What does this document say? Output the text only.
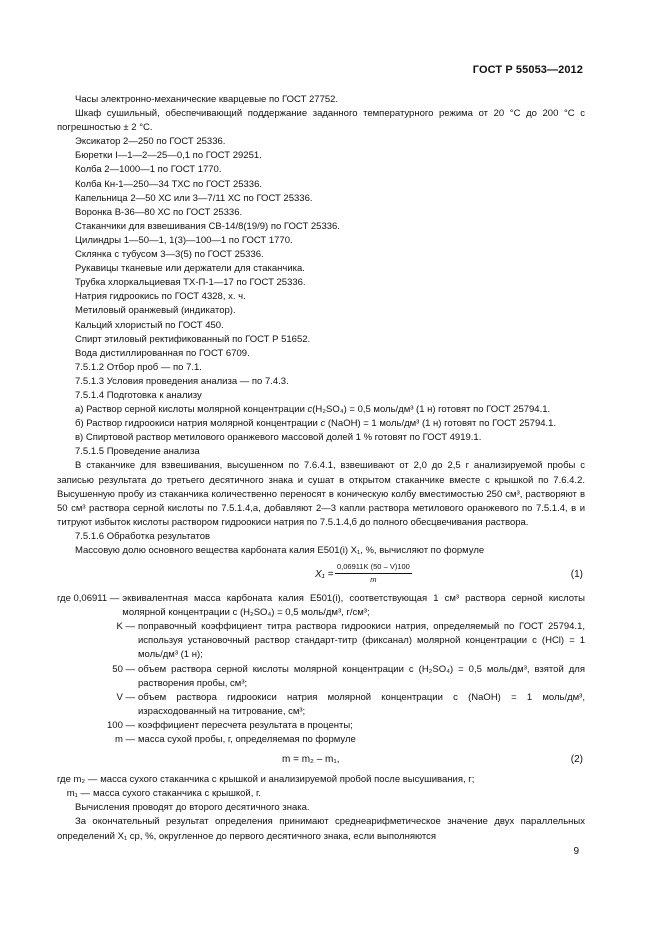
ГОСТ Р 55053—2012

Часы электронно-механические кварцевые по ГОСТ 27752.

Шкаф сушильный, обеспечивающий поддержание заданного температурного режима от 20 °С до 200 °С с погрешностью ± 2 °С.

Эксикатор 2—250 по ГОСТ 25336.

Бюретки I—1—2—25—0,1 по ГОСТ 29251.

Колба 2—1000—1 по ГОСТ 1770.

Колба Кн-1—250—34 ТХС по ГОСТ 25336.

Капельница 2—50 ХС или 3—7/11 ХС по ГОСТ 25336.

Воронка В-36—80 ХС по ГОСТ 25336.

Стаканчики для взвешивания СВ-14/8(19/9) по ГОСТ 25336.

Цилиндры 1—50—1, 1(3)—100—1 по ГОСТ 1770.

Склянка с тубусом 3—3(5) по ГОСТ 25336.

Рукавицы тканевые или держатели для стаканчика.

Трубка хлоркальциевая ТХ-П-1—17 по ГОСТ 25336.

Натрия гидроокись по ГОСТ 4328, х. ч.

Метиловый оранжевый (индикатор).

Кальций хлористый по ГОСТ 450.

Спирт этиловый ректификованный по ГОСТ Р 51652.

Вода дистиллированная по ГОСТ 6709.

7.5.1.2 Отбор проб — по 7.1.

7.5.1.3 Условия проведения анализа — по 7.4.3.

7.5.1.4 Подготовка к анализу

а) Раствор серной кислоты молярной концентрации c(H₂SO₄) = 0,5 моль/дм³ (1 н) готовят по ГОСТ 25794.1.

б) Раствор гидроокиси натрия молярной концентрации c (NaOH) = 1 моль/дм³ (1 н) готовят по ГОСТ 25794.1.

в) Спиртовой раствор метилового оранжевого массовой долей 1 % готовят по ГОСТ 4919.1.

7.5.1.5 Проведение анализа

В стаканчике для взвешивания, высушенном по 7.6.4.1, взвешивают от 2,0 до 2,5 г анализируемой пробы с записью результата до третьего десятичного знака и сушат в открытом стаканчике вместе с крышкой по 7.6.4.2. Высушенную пробу из стаканчика количественно переносят в коническую колбу вместимостью 250 см³, растворяют в 50 см³ раствора серной кислоты по 7.5.1.4,а, добавляют 2—3 капли раствора метилового оранжевого по 7.5.1.4, в и титруют избыток кислоты раствором гидроокиси натрия по 7.5.1.4,б до полного обесцвечивания раствора.

7.5.1.6 Обработка результатов

Массовую долю основного вещества карбоната калия Е501(i) X₁, %, вычисляют по формуле

$X_1 = \frac{0,06911K (50 - V)100}{m}$	(1)
где 0,06911 — эквивалентная масса карбоната калия Е501(i), соответствующая 1 см³ раствора серной кислоты молярной концентрации c (H₂SO₄) = 0,5 моль/дм³, г/см³;
K — поправочный коэффициент титра раствора гидроокиси натрия, определяемый по ГОСТ 25794.1, используя установочный раствор стандарт-титр (фиксанал) молярной концентрации c (HCl) = 1 моль/дм³ (1 н);
50 — объем раствора серной кислоты молярной концентрации c (H₂SO₄) = 0,5 моль/дм³, взятой для растворения пробы, см³;
V — объем раствора гидроокиси натрия молярной концентрации c (NaOH) = 1 моль/дм³, израсходованный на титрование, см³;
100 — коэффициент пересчета результата в проценты;
m — масса сухой пробы, г, определяемая по формуле
m = m₂ – m₁,	(2)
где m₂ — масса сухого стаканчика с крышкой и анализируемой пробой после высушивания, г;
m₁ — масса сухого стаканчика с крышкой, г.

Вычисления проводят до второго десятичного знака.

За окончательный результат определения принимают среднеарифметическое значение двух параллельных определений X₁ ср, %, округленное до первого десятичного знака, если выполняются

9
